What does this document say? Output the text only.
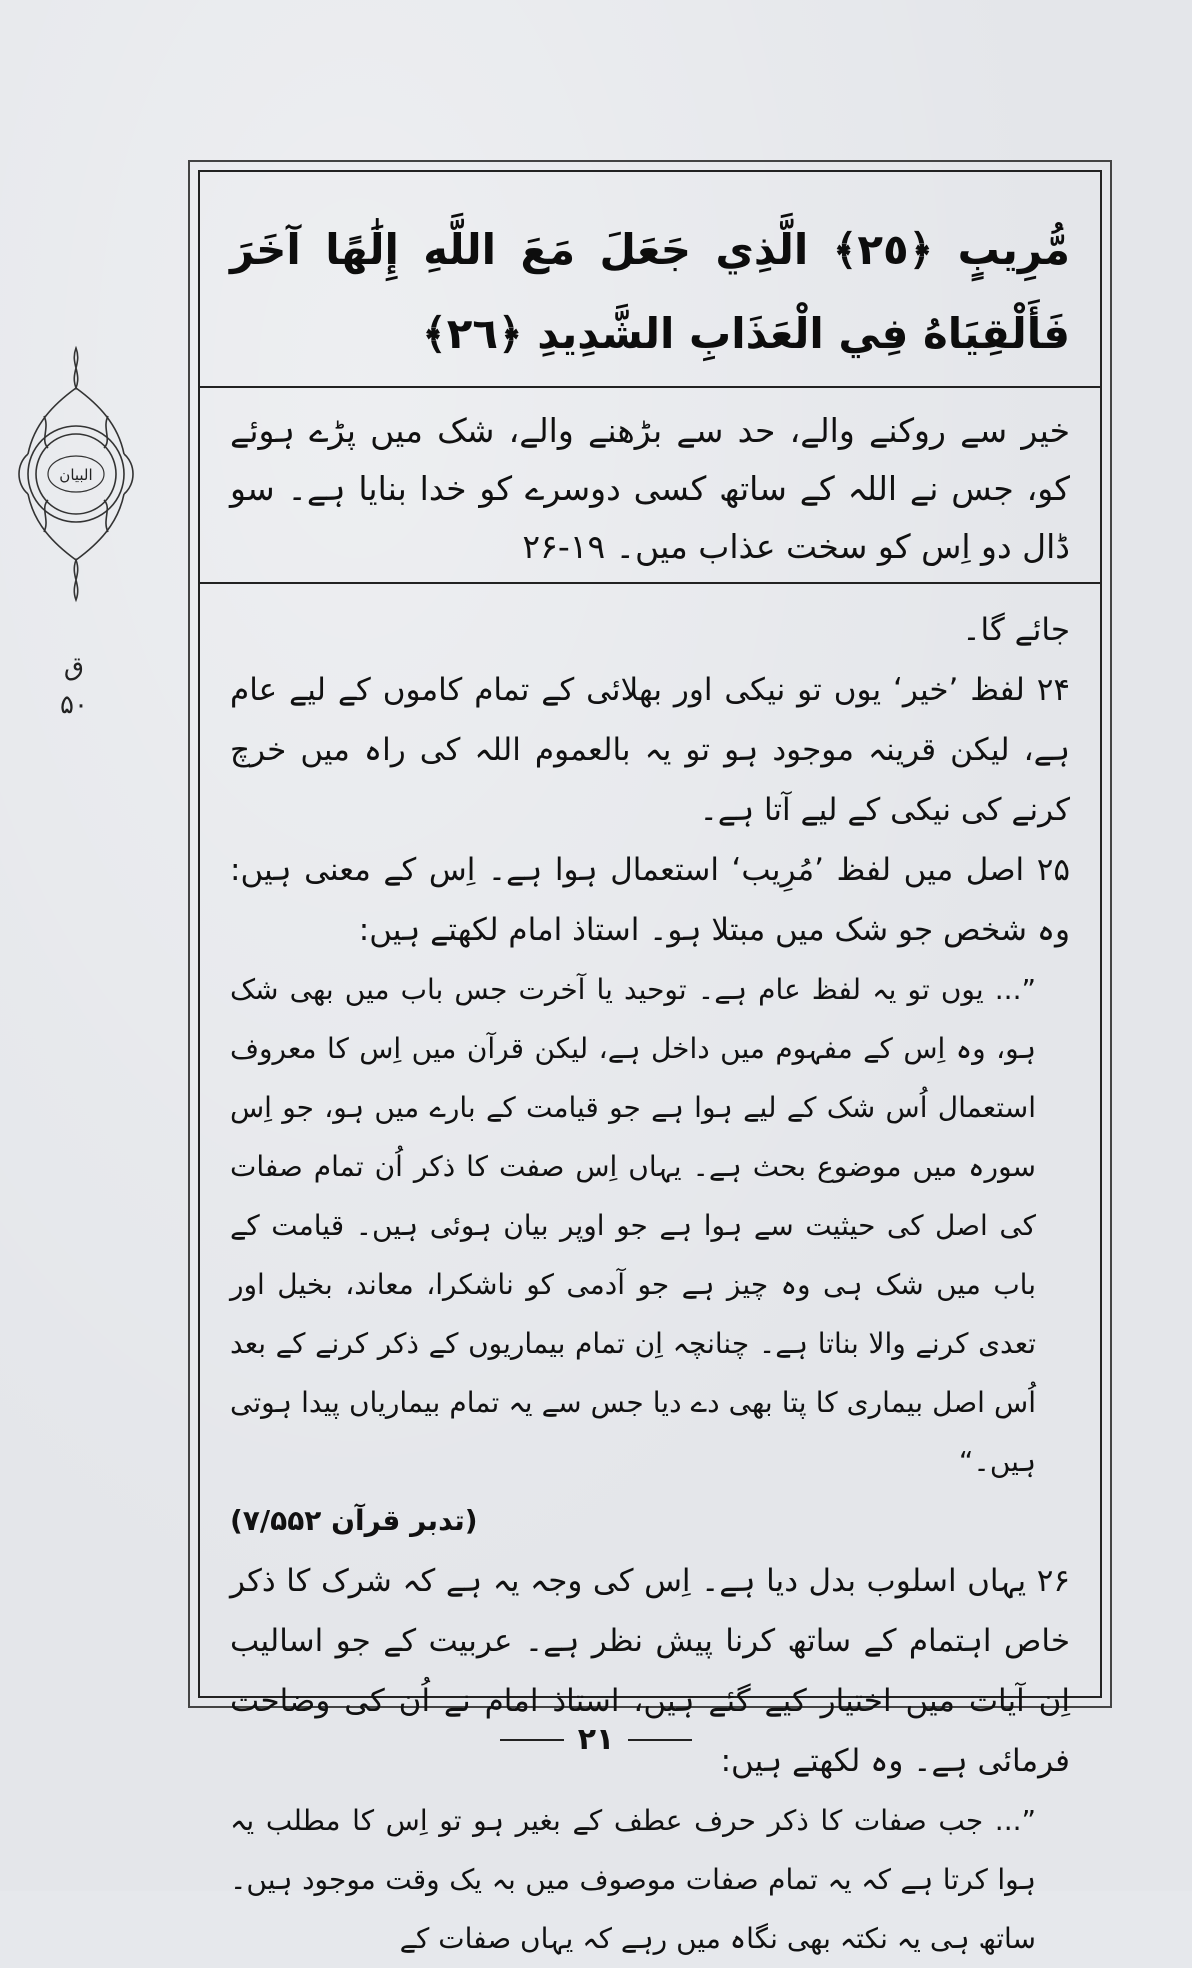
البیان
ق
۵۰
مُّرِيبٍ ﴿٢٥﴾ الَّذِي جَعَلَ مَعَ اللَّهِ إِلَٰهًا آخَرَ فَأَلْقِيَاهُ فِي الْعَذَابِ الشَّدِيدِ ﴿٢٦﴾
خیر سے روکنے والے، حد سے بڑھنے والے، شک میں پڑے ہوئے کو، جس نے اللہ کے ساتھ کسی دوسرے کو خدا بنایا ہے۔ سو ڈال دو اِس کو سخت عذاب میں۔ ۱۹-۲۶

جائے گا۔

۲۴ لفظ ’خیر‘ یوں تو نیکی اور بھلائی کے تمام کاموں کے لیے عام ہے، لیکن قرینہ موجود ہو تو یہ بالعموم اللہ کی راہ میں خرچ کرنے کی نیکی کے لیے آتا ہے۔

۲۵ اصل میں لفظ ’مُرِیب‘ استعمال ہوا ہے۔ اِس کے معنی ہیں: وہ شخص جو شک میں مبتلا ہو۔ استاذ امام لکھتے ہیں:

”... یوں تو یہ لفظ عام ہے۔ توحید یا آخرت جس باب میں بھی شک ہو، وہ اِس کے مفہوم میں داخل ہے، لیکن قرآن میں اِس کا معروف استعمال اُس شک کے لیے ہوا ہے جو قیامت کے بارے میں ہو، جو اِس سورہ میں موضوع بحث ہے۔ یہاں اِس صفت کا ذکر اُن تمام صفات کی اصل کی حیثیت سے ہوا ہے جو اوپر بیان ہوئی ہیں۔ قیامت کے باب میں شک ہی وہ چیز ہے جو آدمی کو ناشکرا، معاند، بخیل اور تعدی کرنے والا بناتا ہے۔ چنانچہ اِن تمام بیماریوں کے ذکر کرنے کے بعد اُس اصل بیماری کا پتا بھی دے دیا جس سے یہ تمام بیماریاں پیدا ہوتی ہیں۔“

(تدبر قرآن ۷/۵۵۲)

۲۶ یہاں اسلوب بدل دیا ہے۔ اِس کی وجہ یہ ہے کہ شرک کا ذکر خاص اہتمام کے ساتھ کرنا پیش نظر ہے۔ عربیت کے جو اسالیب اِن آیات میں اختیار کیے گئے ہیں، استاذ امام نے اُن کی وضاحت فرمائی ہے۔ وہ لکھتے ہیں:

”... جب صفات کا ذکر حرف عطف کے بغیر ہو تو اِس کا مطلب یہ ہوا کرتا ہے کہ یہ تمام صفات موصوف میں بہ یک وقت موجود ہیں۔ ساتھ ہی یہ نکتہ بھی نگاہ میں رہے کہ یہاں صفات کے

۲۱
